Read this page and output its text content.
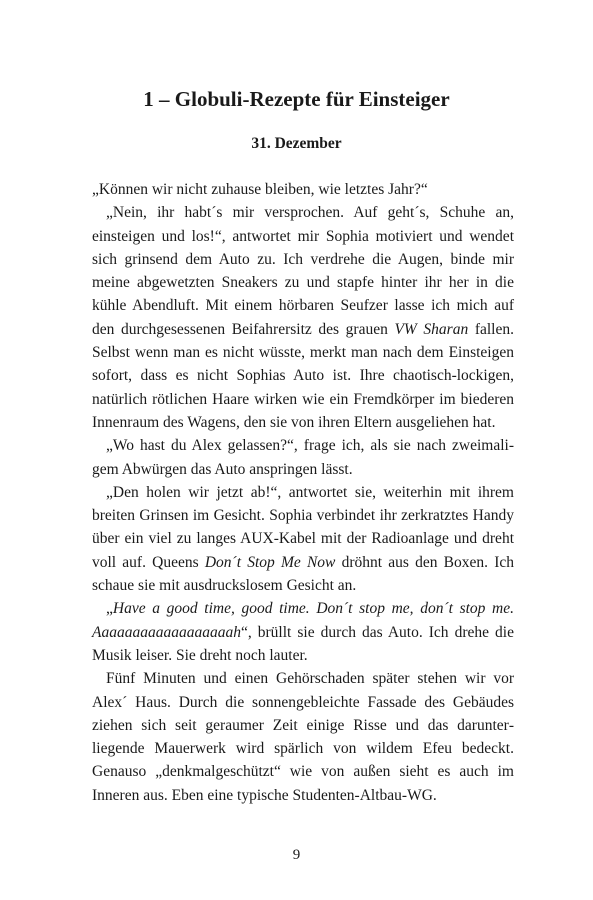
1 – Globuli-Rezepte für Einsteiger
31. Dezember

„Können wir nicht zuhause bleiben, wie letztes Jahr?“

„Nein, ihr habt´s mir versprochen. Auf geht´s, Schuhe an, einsteigen und los!“, antwortet mir Sophia motiviert und wendet sich grinsend dem Auto zu. Ich verdrehe die Augen, binde mir meine abgewetzten Sneakers zu und stapfe hinter ihr her in die kühle Abendluft. Mit einem hörbaren Seufzer lasse ich mich auf den durchgesessenen Beifahrersitz des grauen VW Sharan fallen. Selbst wenn man es nicht wüsste, merkt man nach dem Einsteigen sofort, dass es nicht Sophias Auto ist. Ihre chaotisch-lockigen, natürlich rötlichen Haare wirken wie ein Fremdkörper im biederen Innenraum des Wagens, den sie von ihren Eltern ausgeliehen hat.

„Wo hast du Alex gelassen?“, frage ich, als sie nach zweimaligem Abwürgen das Auto anspringen lässt.

„Den holen wir jetzt ab!“, antwortet sie, weiterhin mit ihrem breiten Grinsen im Gesicht. Sophia verbindet ihr zerkratztes Handy über ein viel zu langes AUX-Kabel mit der Radioanlage und dreht voll auf. Queens Don´t Stop Me Now dröhnt aus den Boxen. Ich schaue sie mit ausdruckslosem Gesicht an.

„Have a good time, good time. Don´t stop me, don´t stop me. Aaaaaaaaaaaaaaaaaah“, brüllt sie durch das Auto. Ich drehe die Musik leiser. Sie dreht noch lauter.

Fünf Minuten und einen Gehörschaden später stehen wir vor Alex´ Haus. Durch die sonnengebleichte Fassade des Gebäudes ziehen sich seit geraumer Zeit einige Risse und das darunterliegende Mauerwerk wird spärlich von wildem Efeu bedeckt. Genauso „denkmalgeschützt“ wie von außen sieht es auch im Inneren aus. Eben eine typische Studenten-Altbau-WG.

9
